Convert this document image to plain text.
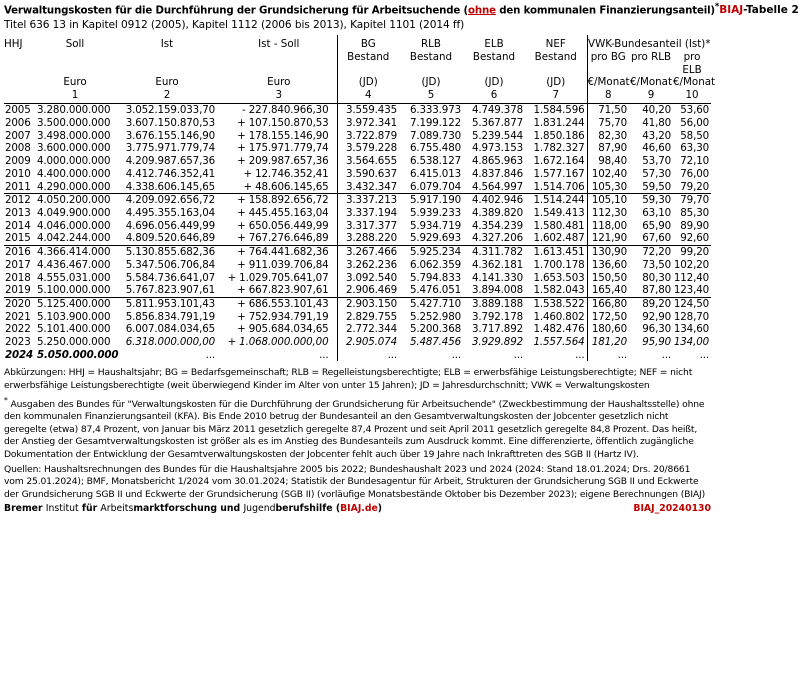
Verwaltungskosten für die Durchführung der Grundsicherung für Arbeitsuchende (ohne den kommunalen Finanzierungsanteil)* BIAJ-Tabelle 2
Titel 636 13 in Kapitel 0912 (2005), Kapitel 1112 (2006 bis 2013), Kapitel 1101 (2014 ff)
HHJ	Soll	Ist	Ist - Soll	BG	RLB	ELB	NEF	VWK-Bundesanteil (Ist)*		
				Bestand	Bestand	Bestand	Bestand	pro BG	pro RLB	pro ELB
	Euro	Euro	Euro	(JD)	(JD)	(JD)	(JD)	€/Monat	€/Monat	€/Monat
	1	2	3	4	5	6	7	8	9	10
2005	3.280.000.000	3.052.159.033,70	- 227.840.966,30	3.559.435	6.333.973	4.749.378	1.584.596	71,50	40,20	53,60
2006	3.500.000.000	3.607.150.870,53	+ 107.150.870,53	3.972.341	7.199.122	5.367.877	1.831.244	75,70	41,80	56,00
2007	3.498.000.000	3.676.155.146,90	+ 178.155.146,90	3.722.879	7.089.730	5.239.544	1.850.186	82,30	43,20	58,50
2008	3.600.000.000	3.775.971.779,74	+ 175.971.779,74	3.579.228	6.755.480	4.973.153	1.782.327	87,90	46,60	63,30
2009	4.000.000.000	4.209.987.657,36	+ 209.987.657,36	3.564.655	6.538.127	4.865.963	1.672.164	98,40	53,70	72,10
2010	4.400.000.000	4.412.746.352,41	+ 12.746.352,41	3.590.637	6.415.013	4.837.846	1.577.167	102,40	57,30	76,00
2011	4.290.000.000	4.338.606.145,65	+ 48.606.145,65	3.432.347	6.079.704	4.564.997	1.514.706	105,30	59,50	79,20
2012	4.050.200.000	4.209.092.656,72	+ 158.892.656,72	3.337.213	5.917.190	4.402.946	1.514.244	105,10	59,30	79,70
2013	4.049.900.000	4.495.355.163,04	+ 445.455.163,04	3.337.194	5.939.233	4.389.820	1.549.413	112,30	63,10	85,30
2014	4.046.000.000	4.696.056.449,99	+ 650.056.449,99	3.317.377	5.934.719	4.354.239	1.580.481	118,00	65,90	89,90
2015	4.042.244.000	4.809.520.646,89	+ 767.276.646,89	3.288.220	5.929.693	4.327.206	1.602.487	121,90	67,60	92,60
2016	4.366.414.000	5.130.855.682,36	+ 764.441.682,36	3.267.466	5.925.234	4.311.782	1.613.451	130,90	72,20	99,20
2017	4.436.467.000	5.347.506.706,84	+ 911.039.706,84	3.262.236	6.062.359	4.362.181	1.700.178	136,60	73,50	102,20
2018	4.555.031.000	5.584.736.641,07	+ 1.029.705.641,07	3.092.540	5.794.833	4.141.330	1.653.503	150,50	80,30	112,40
2019	5.100.000.000	5.767.823.907,61	+ 667.823.907,61	2.906.469	5.476.051	3.894.008	1.582.043	165,40	87,80	123,40
2020	5.125.400.000	5.811.953.101,43	+ 686.553.101,43	2.903.150	5.427.710	3.889.188	1.538.522	166,80	89,20	124,50
2021	5.103.900.000	5.856.834.791,19	+ 752.934.791,19	2.829.755	5.252.980	3.792.178	1.460.802	172,50	92,90	128,70
2022	5.101.400.000	6.007.084.034,65	+ 905.684.034,65	2.772.344	5.200.368	3.717.892	1.482.476	180,60	96,30	134,60
2023	5.250.000.000	6.318.000.000,00	+ 1.068.000.000,00	2.905.074	5.487.456	3.929.892	1.557.564	181,20	95,90	134,00
2024	5.050.000.000	...	...	...	...	...	...	...	...	...

Abkürzungen: HHJ = Haushaltsjahr; BG = Bedarfsgemeinschaft; RLB = Regelleistungsberechtigte; ELB = erwerbsfähige Leistungsberechtigte; NEF = nicht erwerbsfähige Leistungsberechtigte (weit überwiegend Kinder im Alter von unter 15 Jahren); JD = Jahresdurchschnitt; VWK = Verwaltungskosten

* Ausgaben des Bundes für "Verwaltungskosten für die Durchführung der Grundsicherung für Arbeitsuchende" (Zweckbestimmung der Haushaltsstelle) ohne den kommunalen Finanzierungsanteil (KFA). Bis Ende 2010 betrug der Bundesanteil an den Gesamtverwaltungskosten der Jobcenter gesetzlich nicht geregelte (etwa) 87,4 Prozent, von Januar bis März 2011 gesetzlich geregelte 87,4 Prozent und seit April 2011 gesetzlich geregelte 84,8 Prozent. Das heißt, der Anstieg der Gesamtverwaltungskosten ist größer als es im Anstieg des Bundesanteils zum Ausdruck kommt. Eine differenzierte, öffentlich zugängliche Dokumentation der Entwicklung der Gesamtverwaltungskosten der Jobcenter fehlt auch über 19 Jahre nach Inkrafttreten des SGB II (Hartz IV).

Quellen: Haushaltsrechnungen des Bundes für die Haushaltsjahre 2005 bis 2022; Bundeshaushalt 2023 und 2024 (2024: Stand 18.01.2024; Drs. 20/8661 vom 25.01.2024); BMF, Monatsbericht 1/2024 vom 30.01.2024; Statistik der Bundesagentur für Arbeit, Strukturen der Grundsicherung SGB II und Eckwerte der Grundsicherung SGB II und Eckwerte der Grundsicherung (SGB II) (vorläufige Monatsbestände Oktober bis Dezember 2023); eigene Berechnungen (BIAJ)

Bremer Institut für Arbeitsmarktforschung und Jugendberufshilfe (BIAJ.de)	BIAJ_20240130
